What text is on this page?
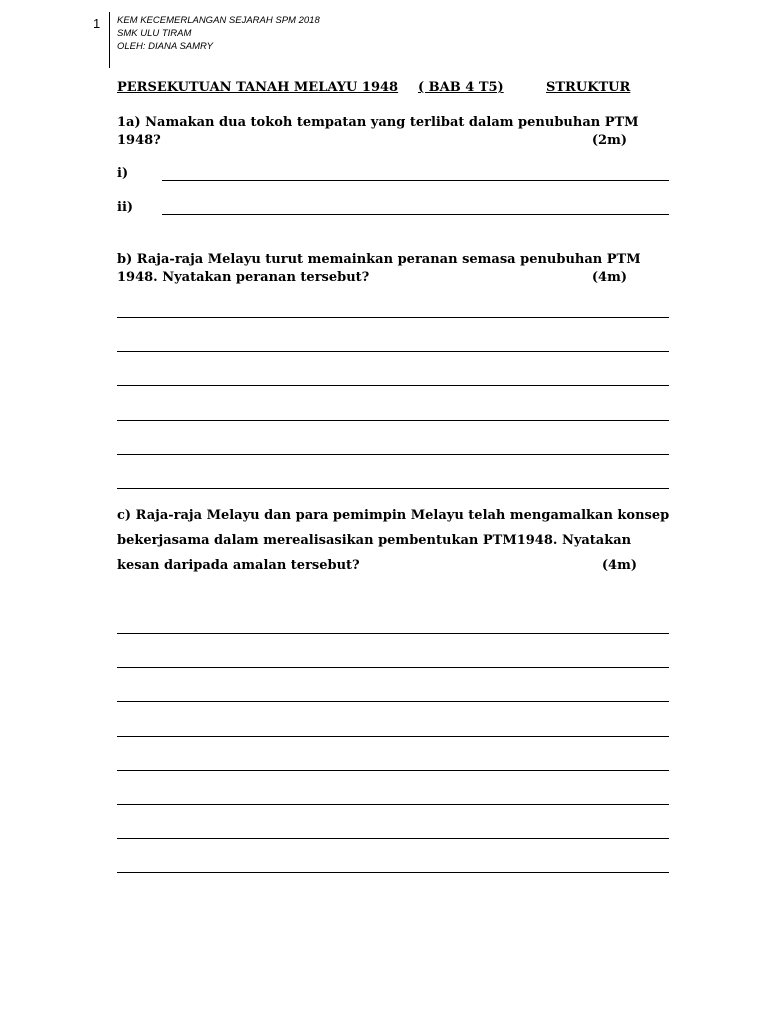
1 KEM KECEMERLANGAN SEJARAH SPM 2018
SMK ULU TIRAM
OLEH: DIANA SAMRY
PERSEKUTUAN TANAH MELAYU 1948 ( BAB 4 T5)	STRUKTUR
1a) Namakan dua tokoh tempatan yang terlibat dalam penubuhan PTM
1948?	(2m)
i)
ii)
b) Raja-raja Melayu turut memainkan peranan semasa penubuhan PTM
1948. Nyatakan peranan tersebut?	(4m)
c) Raja-raja Melayu dan para pemimpin Melayu telah mengamalkan konsep
bekerjasama dalam merealisasikan pembentukan PTM1948. Nyatakan
kesan daripada amalan tersebut?	(4m)
